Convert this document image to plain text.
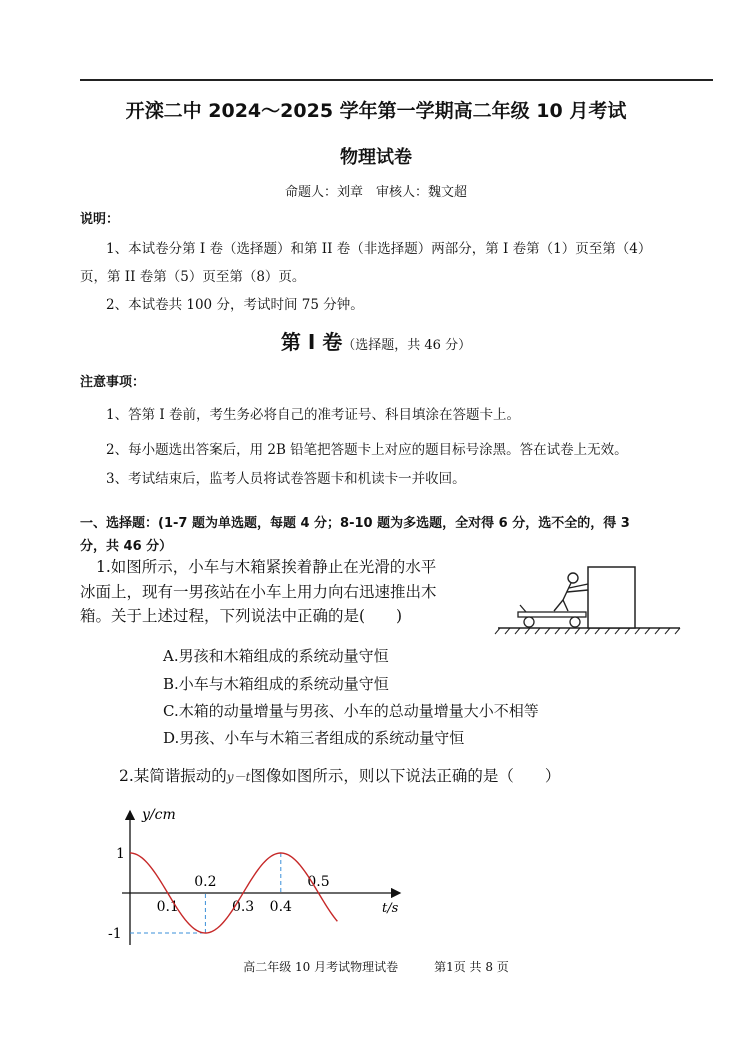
开滦二中 2024～2025 学年第一学期高二年级 10 月考试

物理试卷

命题人：刘章　审核人：魏文超

说明：

1、本试卷分第 I 卷（选择题）和第 II 卷（非选择题）两部分，第 I 卷第（1）页至第（4）

页，第 II 卷第（5）页至第（8）页。

2、本试卷共 100 分，考试时间 75 分钟。

第 I 卷（选择题，共 46 分）

注意事项：

1、答第 I 卷前，考生务必将自己的准考证号、科目填涂在答题卡上。

2、每小题选出答案后，用 2B 铅笔把答题卡上对应的题目标号涂黑。答在试卷上无效。

3、考试结束后，监考人员将试卷答题卡和机读卡一并收回。

一、选择题：(1-7 题为单选题，每题 4 分；8-10 题为多选题，全对得 6 分，选不全的，得 3

分，共 46 分）

1.如图所示，小车与木箱紧挨着静止在光滑的水平

冰面上，现有一男孩站在小车上用力向右迅速推出木

箱。关于上述过程，下列说法中正确的是(　　)

A.男孩和木箱组成的系统动量守恒

B.小车与木箱组成的系统动量守恒

C.木箱的动量增量与男孩、小车的总动量增量大小不相等

D.男孩、小车与木箱三者组成的系统动量守恒

2.某简谐振动的y－t图像如图所示，则以下说法正确的是（　　）

y/cm
t/s
1
-1
0.1
0.2
0.3 0.4
0.5

高二年级 10 月考试物理试卷　　　第1页 共 8 页
